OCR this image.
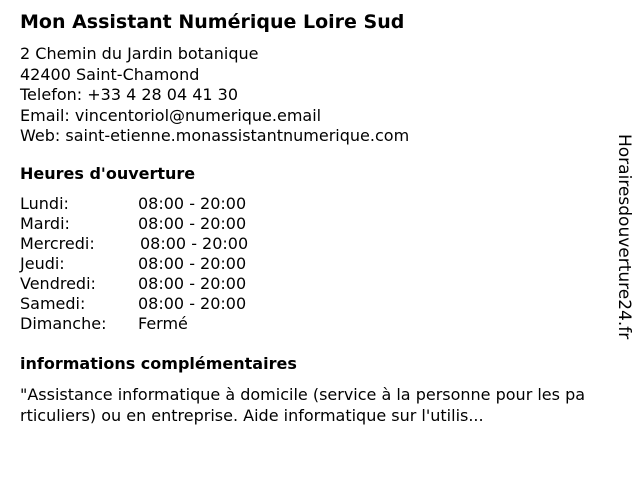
Mon Assistant Numérique Loire Sud
2 Chemin du Jardin botanique
42400 Saint-Chamond
Telefon: +33 4 28 04 41 30
Email: vincentoriol@numerique.email
Web: saint-etienne.monassistantnumerique.com
Heures d'ouverture
Lundi:	08:00 - 20:00
Mardi:	08:00 - 20:00
Mercredi:	08:00 - 20:00
Jeudi:	08:00 - 20:00
Vendredi:	08:00 - 20:00
Samedi:	08:00 - 20:00
Dimanche: Fermé
informations complémentaires
"Assistance informatique à domicile (service à la personne pour les particuliers) ou en entreprise. Aide informatique sur l'utilis...
Horairesdouverture24.fr
